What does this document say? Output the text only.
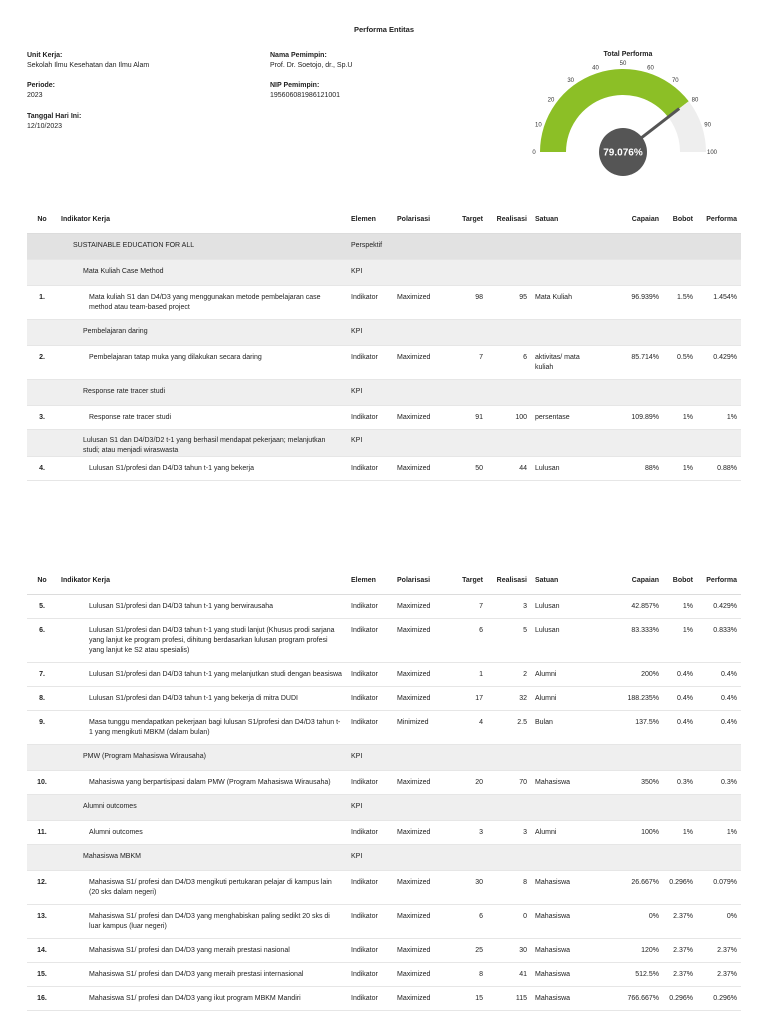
Performa Entitas
Unit Kerja:
Sekolah Ilmu Kesehatan dan Ilmu Alam
Periode:
2023
Tanggal Hari Ini:
12/10/2023
Nama Pemimpin:
Prof. Dr. Soetojo, dr., Sp.U
NIP Pemimpin:
195606081986121001
Total Performa
0
10
20
30
40
50
60
70
80
90
100
79.076%
No	Indikator Kerja	Elemen	Polarisasi	Target	Realisasi	Satuan	Capaian	Bobot	Performa
	SUSTAINABLE EDUCATION FOR ALL	Perspektif							
	Mata Kuliah Case Method	KPI							
1.	Mata kuliah S1 dan D4/D3 yang menggunakan metode pembelajaran case method atau team-based project	Indikator	Maximized	98	95	Mata Kuliah	96.939%	1.5%	1.454%
	Pembelajaran daring	KPI							
2.	Pembelajaran tatap muka yang dilakukan secara daring	Indikator	Maximized	7	6	aktivitas/ mata kuliah	85.714%	0.5%	0.429%
	Response rate tracer studi	KPI							
3.	Response rate tracer studi	Indikator	Maximized	91	100	persentase	109.89%	1%	1%
	Lulusan S1 dan D4/D3/D2 t-1 yang berhasil mendapat pekerjaan; melanjutkan studi; atau menjadi wiraswasta	KPI							
4.	Lulusan S1/profesi dan D4/D3 tahun t-1 yang bekerja	Indikator	Maximized	50	44	Lulusan	88%	1%	0.88%
No	Indikator Kerja	Elemen	Polarisasi	Target	Realisasi	Satuan	Capaian	Bobot	Performa
5.	Lulusan S1/profesi dan D4/D3 tahun t-1 yang berwirausaha	Indikator	Maximized	7	3	Lulusan	42.857%	1%	0.429%
6.	Lulusan S1/profesi dan D4/D3 tahun t-1 yang studi lanjut (Khusus prodi sarjana yang lanjut ke program profesi, dihitung berdasarkan lulusan program profesi yang lanjut ke S2 atau spesialis)	Indikator	Maximized	6	5	Lulusan	83.333%	1%	0.833%
7.	Lulusan S1/profesi dan D4/D3 tahun t-1 yang melanjutkan studi dengan beasiswa	Indikator	Maximized	1	2	Alumni	200%	0.4%	0.4%
8.	Lulusan S1/profesi dan D4/D3 tahun t-1 yang bekerja di mitra DUDI	Indikator	Maximized	17	32	Alumni	188.235%	0.4%	0.4%
9.	Masa tunggu mendapatkan pekerjaan bagi lulusan S1/profesi dan D4/D3 tahun t-1 yang mengikuti MBKM (dalam bulan)	Indikator	Minimized	4	2.5	Bulan	137.5%	0.4%	0.4%
	PMW (Program Mahasiswa Wirausaha)	KPI							
10.	Mahasiswa yang berpartisipasi dalam PMW (Program Mahasiswa Wirausaha)	Indikator	Maximized	20	70	Mahasiswa	350%	0.3%	0.3%
	Alumni outcomes	KPI							
11.	Alumni outcomes	Indikator	Maximized	3	3	Alumni	100%	1%	1%
	Mahasiswa MBKM	KPI							
12.	Mahasiswa S1/ profesi dan D4/D3 mengikuti pertukaran pelajar di kampus lain (20 sks dalam negeri)	Indikator	Maximized	30	8	Mahasiswa	26.667%	0.296%	0.079%
13.	Mahasiswa S1/ profesi dan D4/D3 yang menghabiskan paling sedikt 20 sks di luar kampus (luar negeri)	Indikator	Maximized	6	0	Mahasiswa	0%	2.37%	0%
14.	Mahasiswa S1/ profesi dan D4/D3 yang meraih prestasi nasional	Indikator	Maximized	25	30	Mahasiswa	120%	2.37%	2.37%
15.	Mahasiswa S1/ profesi dan D4/D3 yang meraih prestasi internasional	Indikator	Maximized	8	41	Mahasiswa	512.5%	2.37%	2.37%
16.	Mahasiswa S1/ profesi dan D4/D3 yang ikut program MBKM Mandiri	Indikator	Maximized	15	115	Mahasiswa	766.667%	0.296%	0.296%
